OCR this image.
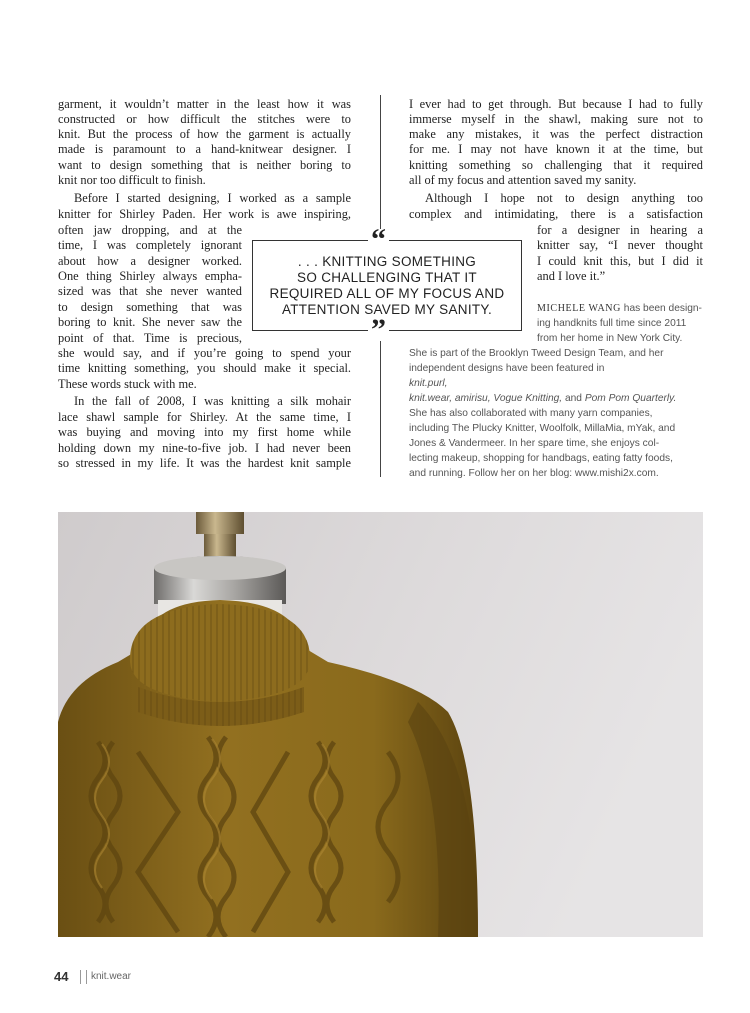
garment, it wouldn’t matter in the least how it was
constructed or how difficult the stitches were to
knit. But the process of how the garment is actually
made is paramount to a hand-knitwear designer. I
want to design something that is neither boring to
knit nor too difficult to finish.
Before I started designing, I worked as a sample
knitter for Shirley Paden. Her work is awe inspiring,
often jaw dropping, and at the
time, I was completely ignorant
about how a designer worked.
One thing Shirley always empha-
sized was that she never wanted
to design something that was
boring to knit. She never saw the
point of that. Time is precious,
she would say, and if you’re going to spend your
time knitting something, you should make it special.
These words stuck with me.
In the fall of 2008, I was knitting a silk mohair
lace shawl sample for Shirley. At the same time, I
was buying and moving into my first home while
holding down my nine-to-five job. I had never been
so stressed in my life. It was the hardest knit sample
I ever had to get through. But because I had to fully
immerse myself in the shawl, making sure not to
make any mistakes, it was the perfect distraction
for me. I may not have known it at the time, but
knitting something so challenging that it required
all of my focus and attention saved my sanity.
Although I hope not to design anything too
complex and intimidating, there is a satisfaction
for a designer in hearing a
knitter say, “I never thought
I could knit this, but I did it
and I love it.”
MICHELE WANG has been design-
ing handknits full time since 2011
from her home in New York City.
She is part of the Brooklyn Tweed Design Team, and her
independent designs have been featured in
knit.purl,
knit.wear, amirisu, Vogue Knitting, and Pom Pom Quarterly.
She has also collaborated with many yarn companies,
including The Plucky Knitter, Woolfolk, MillaMia, mYak, and
Jones & Vandermeer. In her spare time, she enjoys col-
lecting makeup, shopping for handbags, eating fatty foods,
and running. Follow her on her blog: www.mishi2x.com.
“
. . . KNITTING SOMETHING
SO CHALLENGING THAT IT
REQUIRED ALL OF MY FOCUS AND
ATTENTION SAVED MY SANITY.
”
44 knit.wear
